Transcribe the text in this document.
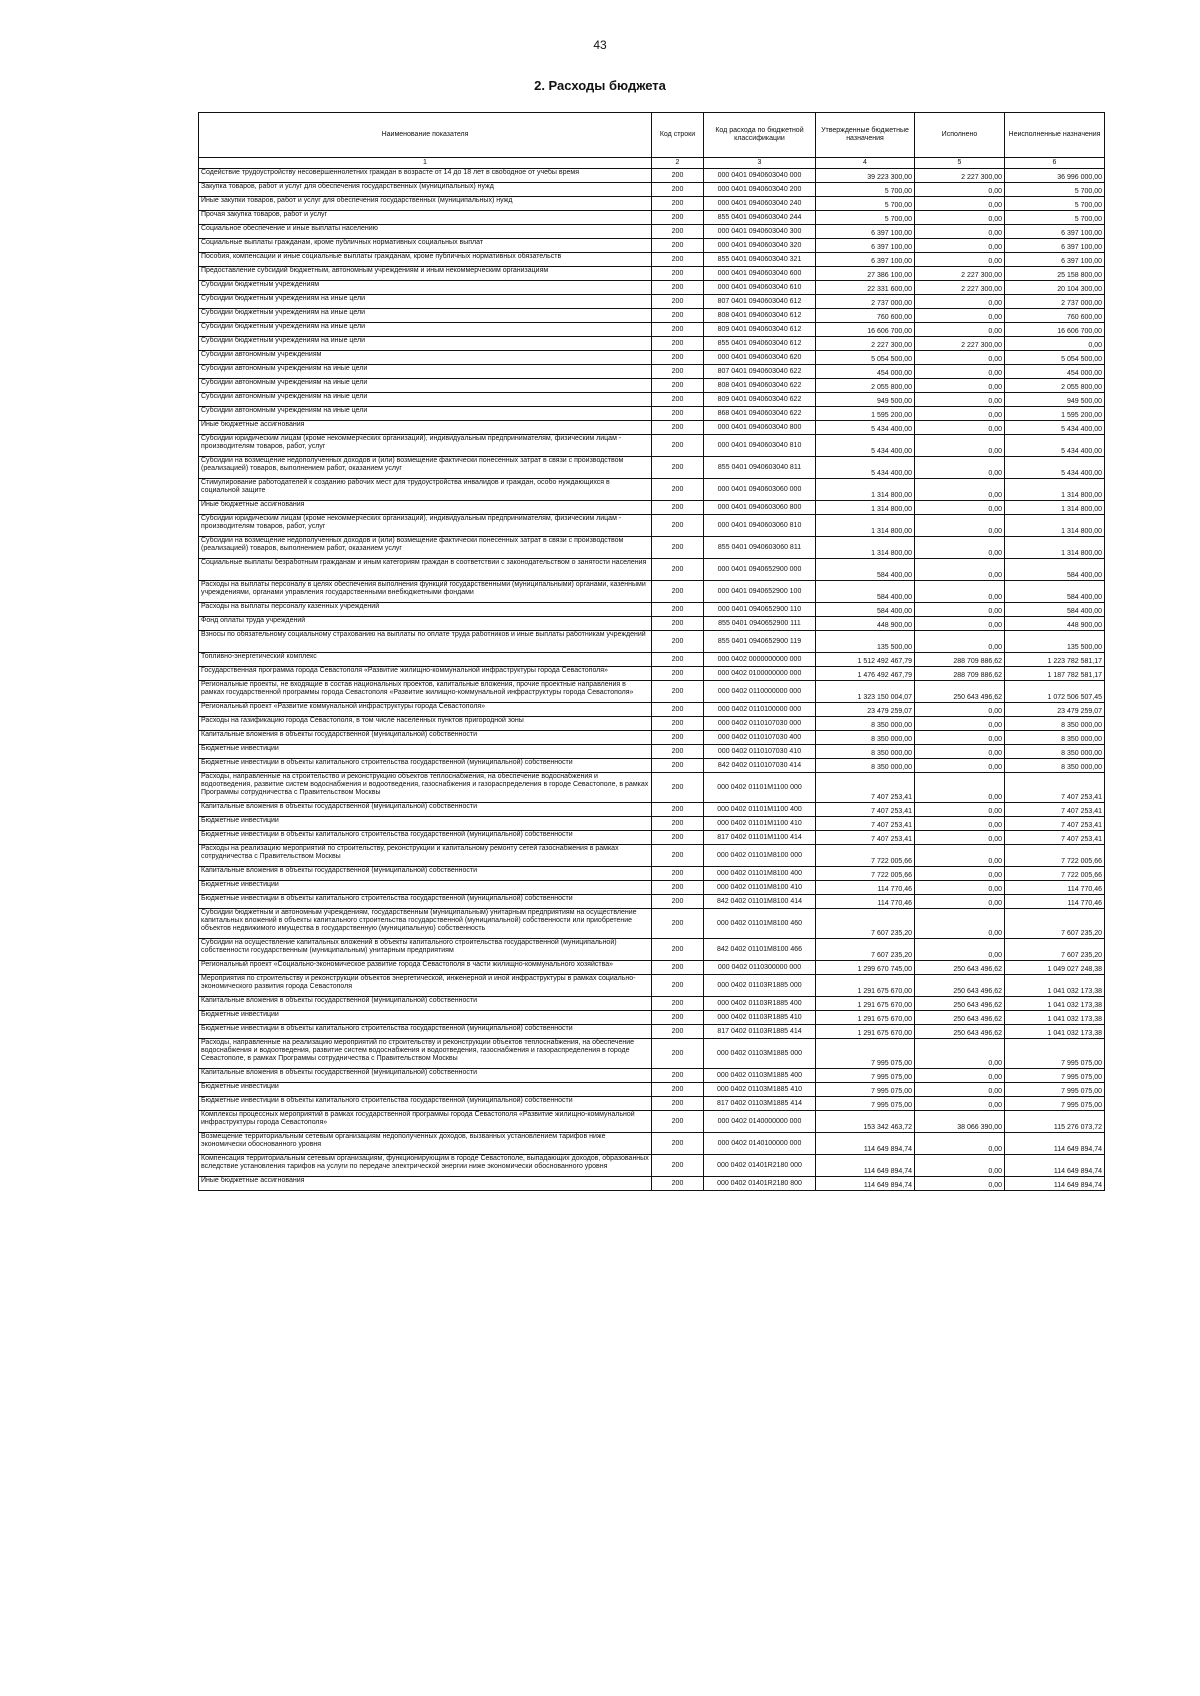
43
2. Расходы бюджета
Наименование показателя	Код строки	Код расхода по бюджетной классификации	Утвержденные бюджетные назначения	Исполнено	Неисполненные назначения
1	2	3	4	5	6
Содействие трудоустройству несовершеннолетних граждан в возрасте от 14 до 18 лет в свободное от учебы время	200	000 0401 0940603040 000	39 223 300,00	2 227 300,00	36 996 000,00
Закупка товаров, работ и услуг для обеспечения государственных (муниципальных) нужд	200	000 0401 0940603040 200	5 700,00	0,00	5 700,00
Иные закупки товаров, работ и услуг для обеспечения государственных (муниципальных) нужд	200	000 0401 0940603040 240	5 700,00	0,00	5 700,00
Прочая закупка товаров, работ и услуг	200	855 0401 0940603040 244	5 700,00	0,00	5 700,00
Социальное обеспечение и иные выплаты населению	200	000 0401 0940603040 300	6 397 100,00	0,00	6 397 100,00
Социальные выплаты гражданам, кроме публичных нормативных социальных выплат	200	000 0401 0940603040 320	6 397 100,00	0,00	6 397 100,00
Пособия, компенсации и иные социальные выплаты гражданам, кроме публичных нормативных обязательств	200	855 0401 0940603040 321	6 397 100,00	0,00	6 397 100,00
Предоставление субсидий бюджетным, автономным учреждениям и иным некоммерческим организациям	200	000 0401 0940603040 600	27 386 100,00	2 227 300,00	25 158 800,00
Субсидии бюджетным учреждениям	200	000 0401 0940603040 610	22 331 600,00	2 227 300,00	20 104 300,00
Субсидии бюджетным учреждениям на иные цели	200	807 0401 0940603040 612	2 737 000,00	0,00	2 737 000,00
Субсидии бюджетным учреждениям на иные цели	200	808 0401 0940603040 612	760 600,00	0,00	760 600,00
Субсидии бюджетным учреждениям на иные цели	200	809 0401 0940603040 612	16 606 700,00	0,00	16 606 700,00
Субсидии бюджетным учреждениям на иные цели	200	855 0401 0940603040 612	2 227 300,00	2 227 300,00	0,00
Субсидии автономным учреждениям	200	000 0401 0940603040 620	5 054 500,00	0,00	5 054 500,00
Субсидии автономным учреждениям на иные цели	200	807 0401 0940603040 622	454 000,00	0,00	454 000,00
Субсидии автономным учреждениям на иные цели	200	808 0401 0940603040 622	2 055 800,00	0,00	2 055 800,00
Субсидии автономным учреждениям на иные цели	200	809 0401 0940603040 622	949 500,00	0,00	949 500,00
Субсидии автономным учреждениям на иные цели	200	868 0401 0940603040 622	1 595 200,00	0,00	1 595 200,00
Иные бюджетные ассигнования	200	000 0401 0940603040 800	5 434 400,00	0,00	5 434 400,00
Субсидии юридическим лицам (кроме некоммерческих организаций), индивидуальным предпринимателям, физическим лицам - производителям товаров, работ, услуг	200	000 0401 0940603040 810	5 434 400,00	0,00	5 434 400,00
Субсидии на возмещение недополученных доходов и (или) возмещение фактически понесенных затрат в связи с производством (реализацией) товаров, выполнением работ, оказанием услуг	200	855 0401 0940603040 811	5 434 400,00	0,00	5 434 400,00
Стимулирование работодателей к созданию рабочих мест для трудоустройства инвалидов и граждан, особо нуждающихся в социальной защите	200	000 0401 0940603060 000	1 314 800,00	0,00	1 314 800,00
Иные бюджетные ассигнования	200	000 0401 0940603060 800	1 314 800,00	0,00	1 314 800,00
Субсидии юридическим лицам (кроме некоммерческих организаций), индивидуальным предпринимателям, физическим лицам - производителям товаров, работ, услуг	200	000 0401 0940603060 810	1 314 800,00	0,00	1 314 800,00
Субсидии на возмещение недополученных доходов и (или) возмещение фактически понесенных затрат в связи с производством (реализацией) товаров, выполнением работ, оказанием услуг	200	855 0401 0940603060 811	1 314 800,00	0,00	1 314 800,00
Социальные выплаты безработным гражданам и иным категориям граждан в соответствии с законодательством о занятости населения	200	000 0401 0940652900 000	584 400,00	0,00	584 400,00
Расходы на выплаты персоналу в целях обеспечения выполнения функций государственными (муниципальными) органами, казенными учреждениями, органами управления государственными внебюджетными фондами	200	000 0401 0940652900 100	584 400,00	0,00	584 400,00
Расходы на выплаты персоналу казенных учреждений	200	000 0401 0940652900 110	584 400,00	0,00	584 400,00
Фонд оплаты труда учреждений	200	855 0401 0940652900 111	448 900,00	0,00	448 900,00
Взносы по обязательному социальному страхованию на выплаты по оплате труда работников и иные выплаты работникам учреждений	200	855 0401 0940652900 119	135 500,00	0,00	135 500,00
Топливно-энергетический комплекс	200	000 0402 0000000000 000	1 512 492 467,79	288 709 886,62	1 223 782 581,17
Государственная программа города Севастополя «Развитие жилищно-коммунальной инфраструктуры города Севастополя»	200	000 0402 0100000000 000	1 476 492 467,79	288 709 886,62	1 187 782 581,17
Региональные проекты, не входящие в состав национальных проектов, капитальные вложения, прочие проектные направления в рамках государственной программы города Севастополя «Развитие жилищно-коммунальной инфраструктуры города Севастополя»	200	000 0402 0110000000 000	1 323 150 004,07	250 643 496,62	1 072 506 507,45
Региональный проект «Развитие коммунальной инфраструктуры города Севастополя»	200	000 0402 0110100000 000	23 479 259,07	0,00	23 479 259,07
Расходы на газификацию города Севастополя, в том числе населенных пунктов пригородной зоны	200	000 0402 0110107030 000	8 350 000,00	0,00	8 350 000,00
Капитальные вложения в объекты государственной (муниципальной) собственности	200	000 0402 0110107030 400	8 350 000,00	0,00	8 350 000,00
Бюджетные инвестиции	200	000 0402 0110107030 410	8 350 000,00	0,00	8 350 000,00
Бюджетные инвестиции в объекты капитального строительства государственной (муниципальной) собственности	200	842 0402 0110107030 414	8 350 000,00	0,00	8 350 000,00
Расходы, направленные на строительство и реконструкцию объектов теплоснабжения, на обеспечение водоснабжения и водоотведения, развитие систем водоснабжения и водоотведения, газоснабжения и газораспределения в городе Севастополе, в рамках Программы сотрудничества с Правительством Москвы	200	000 0402 01101М1100 000	7 407 253,41	0,00	7 407 253,41
Капитальные вложения в объекты государственной (муниципальной) собственности	200	000 0402 01101М1100 400	7 407 253,41	0,00	7 407 253,41
Бюджетные инвестиции	200	000 0402 01101М1100 410	7 407 253,41	0,00	7 407 253,41
Бюджетные инвестиции в объекты капитального строительства государственной (муниципальной) собственности	200	817 0402 01101М1100 414	7 407 253,41	0,00	7 407 253,41
Расходы на реализацию мероприятий по строительству, реконструкции и капитальному ремонту сетей газоснабжения в рамках сотрудничества с Правительством Москвы	200	000 0402 01101М8100 000	7 722 005,66	0,00	7 722 005,66
Капитальные вложения в объекты государственной (муниципальной) собственности	200	000 0402 01101М8100 400	7 722 005,66	0,00	7 722 005,66
Бюджетные инвестиции	200	000 0402 01101М8100 410	114 770,46	0,00	114 770,46
Бюджетные инвестиции в объекты капитального строительства государственной (муниципальной) собственности	200	842 0402 01101М8100 414	114 770,46	0,00	114 770,46
Субсидии бюджетным и автономным учреждениям, государственным (муниципальным) унитарным предприятиям на осуществление капитальных вложений в объекты капитального строительства государственной (муниципальной) собственности или приобретение объектов недвижимого имущества в государственную (муниципальную) собственность	200	000 0402 01101М8100 460	7 607 235,20	0,00	7 607 235,20
Субсидии на осуществление капитальных вложений в объекты капитального строительства государственной (муниципальной) собственности государственным (муниципальным) унитарным предприятиям	200	842 0402 01101М8100 466	7 607 235,20	0,00	7 607 235,20
Региональный проект «Социально-экономическое развитие города Севастополя в части жилищно-коммунального хозяйства»	200	000 0402 0110300000 000	1 299 670 745,00	250 643 496,62	1 049 027 248,38
Мероприятия по строительству и реконструкции объектов энергетической, инженерной и иной инфраструктуры в рамках социально-экономического развития города Севастополя	200	000 0402 01103R1885 000	1 291 675 670,00	250 643 496,62	1 041 032 173,38
Капитальные вложения в объекты государственной (муниципальной) собственности	200	000 0402 01103R1885 400	1 291 675 670,00	250 643 496,62	1 041 032 173,38
Бюджетные инвестиции	200	000 0402 01103R1885 410	1 291 675 670,00	250 643 496,62	1 041 032 173,38
Бюджетные инвестиции в объекты капитального строительства государственной (муниципальной) собственности	200	817 0402 01103R1885 414	1 291 675 670,00	250 643 496,62	1 041 032 173,38
Расходы, направленные на реализацию мероприятий по строительству и реконструкции объектов теплоснабжения, на обеспечение водоснабжения и водоотведения, развитие систем водоснабжения и водоотведения, газоснабжения и газораспределения в городе Севастополе, в рамках Программы сотрудничества с Правительством Москвы	200	000 0402 01103М1885 000	7 995 075,00	0,00	7 995 075,00
Капитальные вложения в объекты государственной (муниципальной) собственности	200	000 0402 01103М1885 400	7 995 075,00	0,00	7 995 075,00
Бюджетные инвестиции	200	000 0402 01103М1885 410	7 995 075,00	0,00	7 995 075,00
Бюджетные инвестиции в объекты капитального строительства государственной (муниципальной) собственности	200	817 0402 01103М1885 414	7 995 075,00	0,00	7 995 075,00
Комплексы процессных мероприятий в рамках государственной программы города Севастополя «Развитие жилищно-коммунальной инфраструктуры города Севастополя»	200	000 0402 0140000000 000	153 342 463,72	38 066 390,00	115 276 073,72
Возмещение территориальным сетевым организациям недополученных доходов, вызванных установлением тарифов ниже экономически обоснованного уровня	200	000 0402 0140100000 000	114 649 894,74	0,00	114 649 894,74
Компенсация территориальным сетевым организациям, функционирующим в городе Севастополе, выпадающих доходов, образованных вследствие установления тарифов на услуги по передаче электрической энергии ниже экономически обоснованного уровня	200	000 0402 01401R2180 000	114 649 894,74	0,00	114 649 894,74
Иные бюджетные ассигнования	200	000 0402 01401R2180 800	114 649 894,74	0,00	114 649 894,74
